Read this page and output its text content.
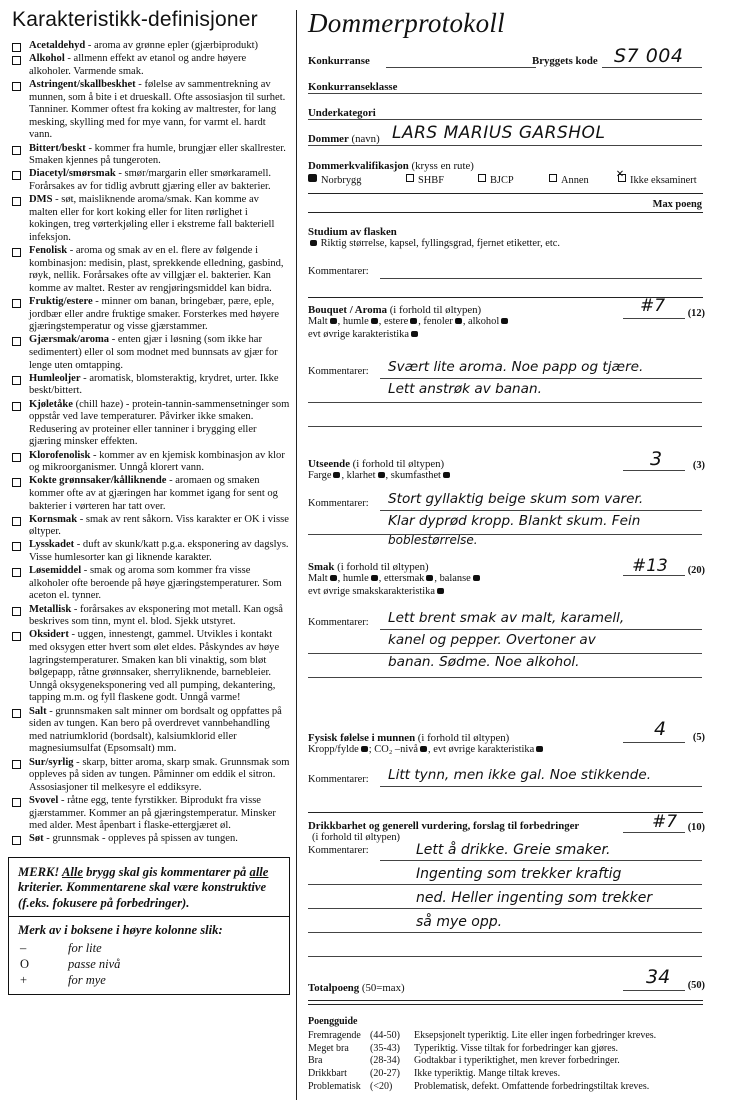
Karakteristikk-definisjoner
Acetaldehyd - aroma av grønne epler (gjærbiprodukt)
Alkohol - allmenn effekt av etanol og andre høyere alkoholer. Varmende smak.
Astringent/skallbeskhet - følelse av sammentrekning av munnen, som å bite i et drueskall. Ofte assosiasjon til surhet. Tanniner. Kommer oftest fra koking av maltrester, for lang mesking, skylling med for mye vann, for varmt el. hardt vann.
Bittert/beskt - kommer fra humle, brungjær eller skallrester. Smaken kjennes på tungeroten.
Diacetyl/smørsmak - smør/margarin eller smørkaramell. Forårsakes av for tidlig avbrutt gjæring eller av bakterier.
DMS - søt, maisliknende aroma/smak. Kan komme av malten eller for kort koking eller for liten rørlighet i kokingen, treg vørterkjøling eller i ekstreme fall bakteriell infeksjon.
Fenolisk - aroma og smak av en el. flere av følgende i kombinasjon: medisin, plast, sprekkende elledning, gasbind, røyk, nellik. Forårsakes ofte av villgjær el. bakterier. Kan komme av maltet. Rester av rengjøringsmiddel kan bidra.
Fruktig/estere - minner om banan, bringebær, pære, eple, jordbær eller andre fruktige smaker. Forsterkes med høyere gjæringstemperatur og visse gjærstammer.
Gjærsmak/aroma - enten gjær i løsning (som ikke har sedimentert) eller ol som modnet med bunnsats av gjær for lenge uten omtapping.
Humleoljer - aromatisk, blomsteraktig, krydret, urter. Ikke beskt/bittert.
Kjøletåke (chill haze) - protein-tannin-sammensetninger som oppstår ved lave temperaturer. Påvirker ikke smaken. Redusering av proteiner eller tanniner i brygging eller gjæring minsker effekten.
Klorofenolisk - kommer av en kjemisk kombinasjon av klor og mikroorganismer. Unngå klorert vann.
Kokte grønnsaker/kålliknende - aromaen og smaken kommer ofte av at gjæringen har kommet igang for sent og bakterier i vørteren har tatt over.
Kornsmak - smak av rent såkorn. Viss karakter er OK i visse øltyper.
Lysskadet - duft av skunk/katt p.g.a. eksponering av dagslys. Visse humlesorter kan gi liknende karakter.
Løsemiddel - smak og aroma som kommer fra visse alkoholer ofte beroende på høye gjæringstemperaturer. Som aceton el. tynner.
Metallisk - forårsakes av eksponering mot metall. Kan også beskrives som tinn, mynt el. blod. Sjekk utstyret.
Oksidert - uggen, innestengt, gammel. Utvikles i kontakt med oksygen etter hvert som ølet eldes. Påskyndes av høye lagringstemperaturer. Smaken kan bli vinaktig, som bløt bølgepapp, råtne grønnsaker, sherryliknende, barnebleier. Unngå oksygeneksponering ved all pumping, dekantering, tapping m.m. og fyll flaskene godt. Unngå varme!
Salt - grunnsmaken salt minner om bordsalt og oppfattes på siden av tungen. Kan bero på overdrevet vannbehandling med natriumklorid (bordsalt), kalsiumklorid eller magnesiumsulfat (Epsomsalt) mm.
Sur/syrlig - skarp, bitter aroma, skarp smak. Grunnsmak som oppleves på siden av tungen. Påminner om eddik el sitron. Assosiasjoner til melkesyre el eddiksyre.
Svovel - råtne egg, tente fyrstikker. Biprodukt fra visse gjærstammer. Kommer an på gjæringstemperatur. Minsker med alder. Mest åpenbart i flaske-ettergjæret øl.
Søt - grunnsmak - oppleves på spissen av tungen.
MERK! Alle brygg skal gis kommentarer på alle kriterier. Kommentarene skal være konstruktive (f.eks. fokusere på forbedringer).
Merk av i boksene i høyre kolonne slik:
–	for lite
O	passe nivå
+	for mye
Dommerprotokoll
Konkurranse	Bryggets kode S7 004
Konkurranseklasse
Underkategori
Dommer (navn) LARS MARIUS GARSHOL
Dommerkvalifikasjon (kryss en rute)
Norbrygg	SHBF	BJCP	Annen
×	Ikke eksaminert
Max poeng
Studium av flasken
Riktig størrelse, kapsel, fyllingsgrad, fjernet etiketter, etc.
Kommentarer:
Bouquet / Aroma (i forhold til øltypen)
Malt , humle , estere , fenoler , alkohol
evt øvrige karakteristika
#7 (12)
Kommentarer: Svært lite aroma. Noe papp og tjære.
Lett anstrøk av banan.
Utseende (i forhold til øltypen)
Farge , klarhet , skumfasthet
3	(3)
Kommentarer: Stort gyllaktig beige skum som varer.
Klar dyprød kropp. Blankt skum. Fein
boblestørrelse.
Smak (i forhold til øltypen)
Malt , humle , ettersmak , balanse
evt øvrige smakskarakteristika
#13 (20)
Kommentarer: Lett brent smak av malt, karamell,
kanel og pepper. Overtoner av
banan. Sødme. Noe alkohol.
Fysisk følelse i munnen (i forhold til øltypen)
Kropp/fylde ; CO₂ –nivå , evt øvrige karakteristika
4	(5)
Kommentarer: Litt tynn, men ikke gal. Noe stikkende.
Drikkbarhet og generell vurdering, forslag til forbedringer
(i forhold til øltypen)
Kommentarer:
#7 (10)
Lett å drikke. Greie smaker.
Ingenting som trekker kraftig
ned. Heller ingenting som trekker
så mye opp.
Totalpoeng (50=max)	34 (50)
Poengguide
Fremragende (44-50)	Eksepsjonelt typeriktig. Lite eller ingen forbedringer kreves.
Meget bra	(35-43)	Typeriktig. Visse tiltak for forbedringer kan gjøres.
Bra	(28-34)	Godtakbar i typeriktighet, men krever forbedringer.
Drikkbart	(20-27)	Ikke typeriktig. Mange tiltak kreves.
Problematisk (<20)	Problematisk, defekt. Omfattende forbedringstiltak kreves.
